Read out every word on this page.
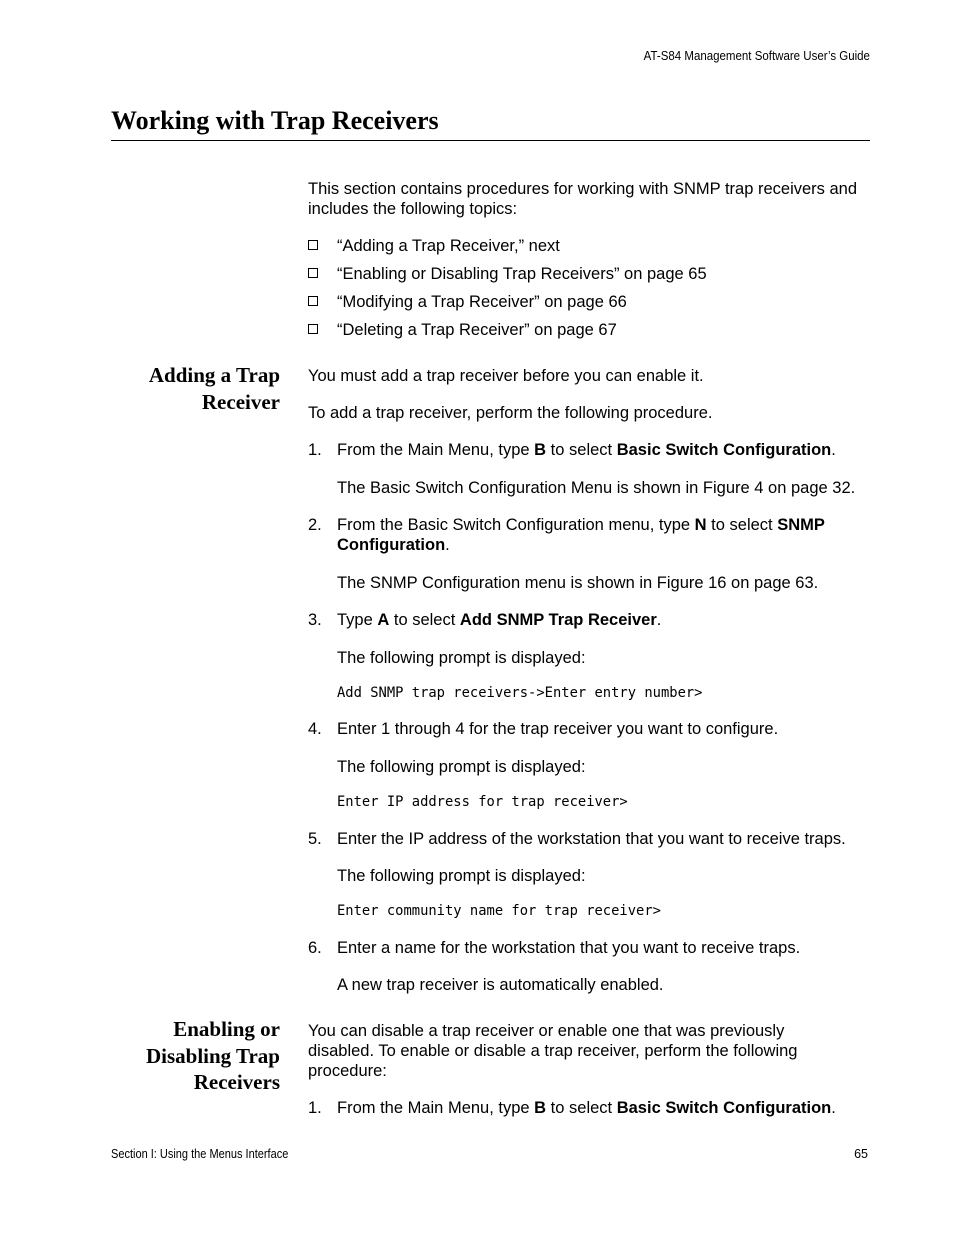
AT-S84 Management Software User’s Guide
Working with Trap Receivers
This section contains procedures for working with SNMP trap receivers and includes the following topics:
“Adding a Trap Receiver,” next
“Enabling or Disabling Trap Receivers” on page 65
“Modifying a Trap Receiver” on page 66
“Deleting a Trap Receiver” on page 67
Adding a Trap
Receiver
You must add a trap receiver before you can enable it.
To add a trap receiver, perform the following procedure.
1. From the Main Menu, type B to select Basic Switch Configuration.
The Basic Switch Configuration Menu is shown in Figure 4 on page 32.
2. From the Basic Switch Configuration menu, type N to select SNMP Configuration.
The SNMP Configuration menu is shown in Figure 16 on page 63.
3. Type A to select Add SNMP Trap Receiver.
The following prompt is displayed:
Add SNMP trap receivers->Enter entry number>
4. Enter 1 through 4 for the trap receiver you want to configure.
The following prompt is displayed:
Enter IP address for trap receiver>
5. Enter the IP address of the workstation that you want to receive traps.
The following prompt is displayed:
Enter community name for trap receiver>
6. Enter a name for the workstation that you want to receive traps.
A new trap receiver is automatically enabled.
Enabling or
Disabling Trap
Receivers
You can disable a trap receiver or enable one that was previously disabled. To enable or disable a trap receiver, perform the following procedure:
1. From the Main Menu, type B to select Basic Switch Configuration.
Section I: Using the Menus Interface	65
